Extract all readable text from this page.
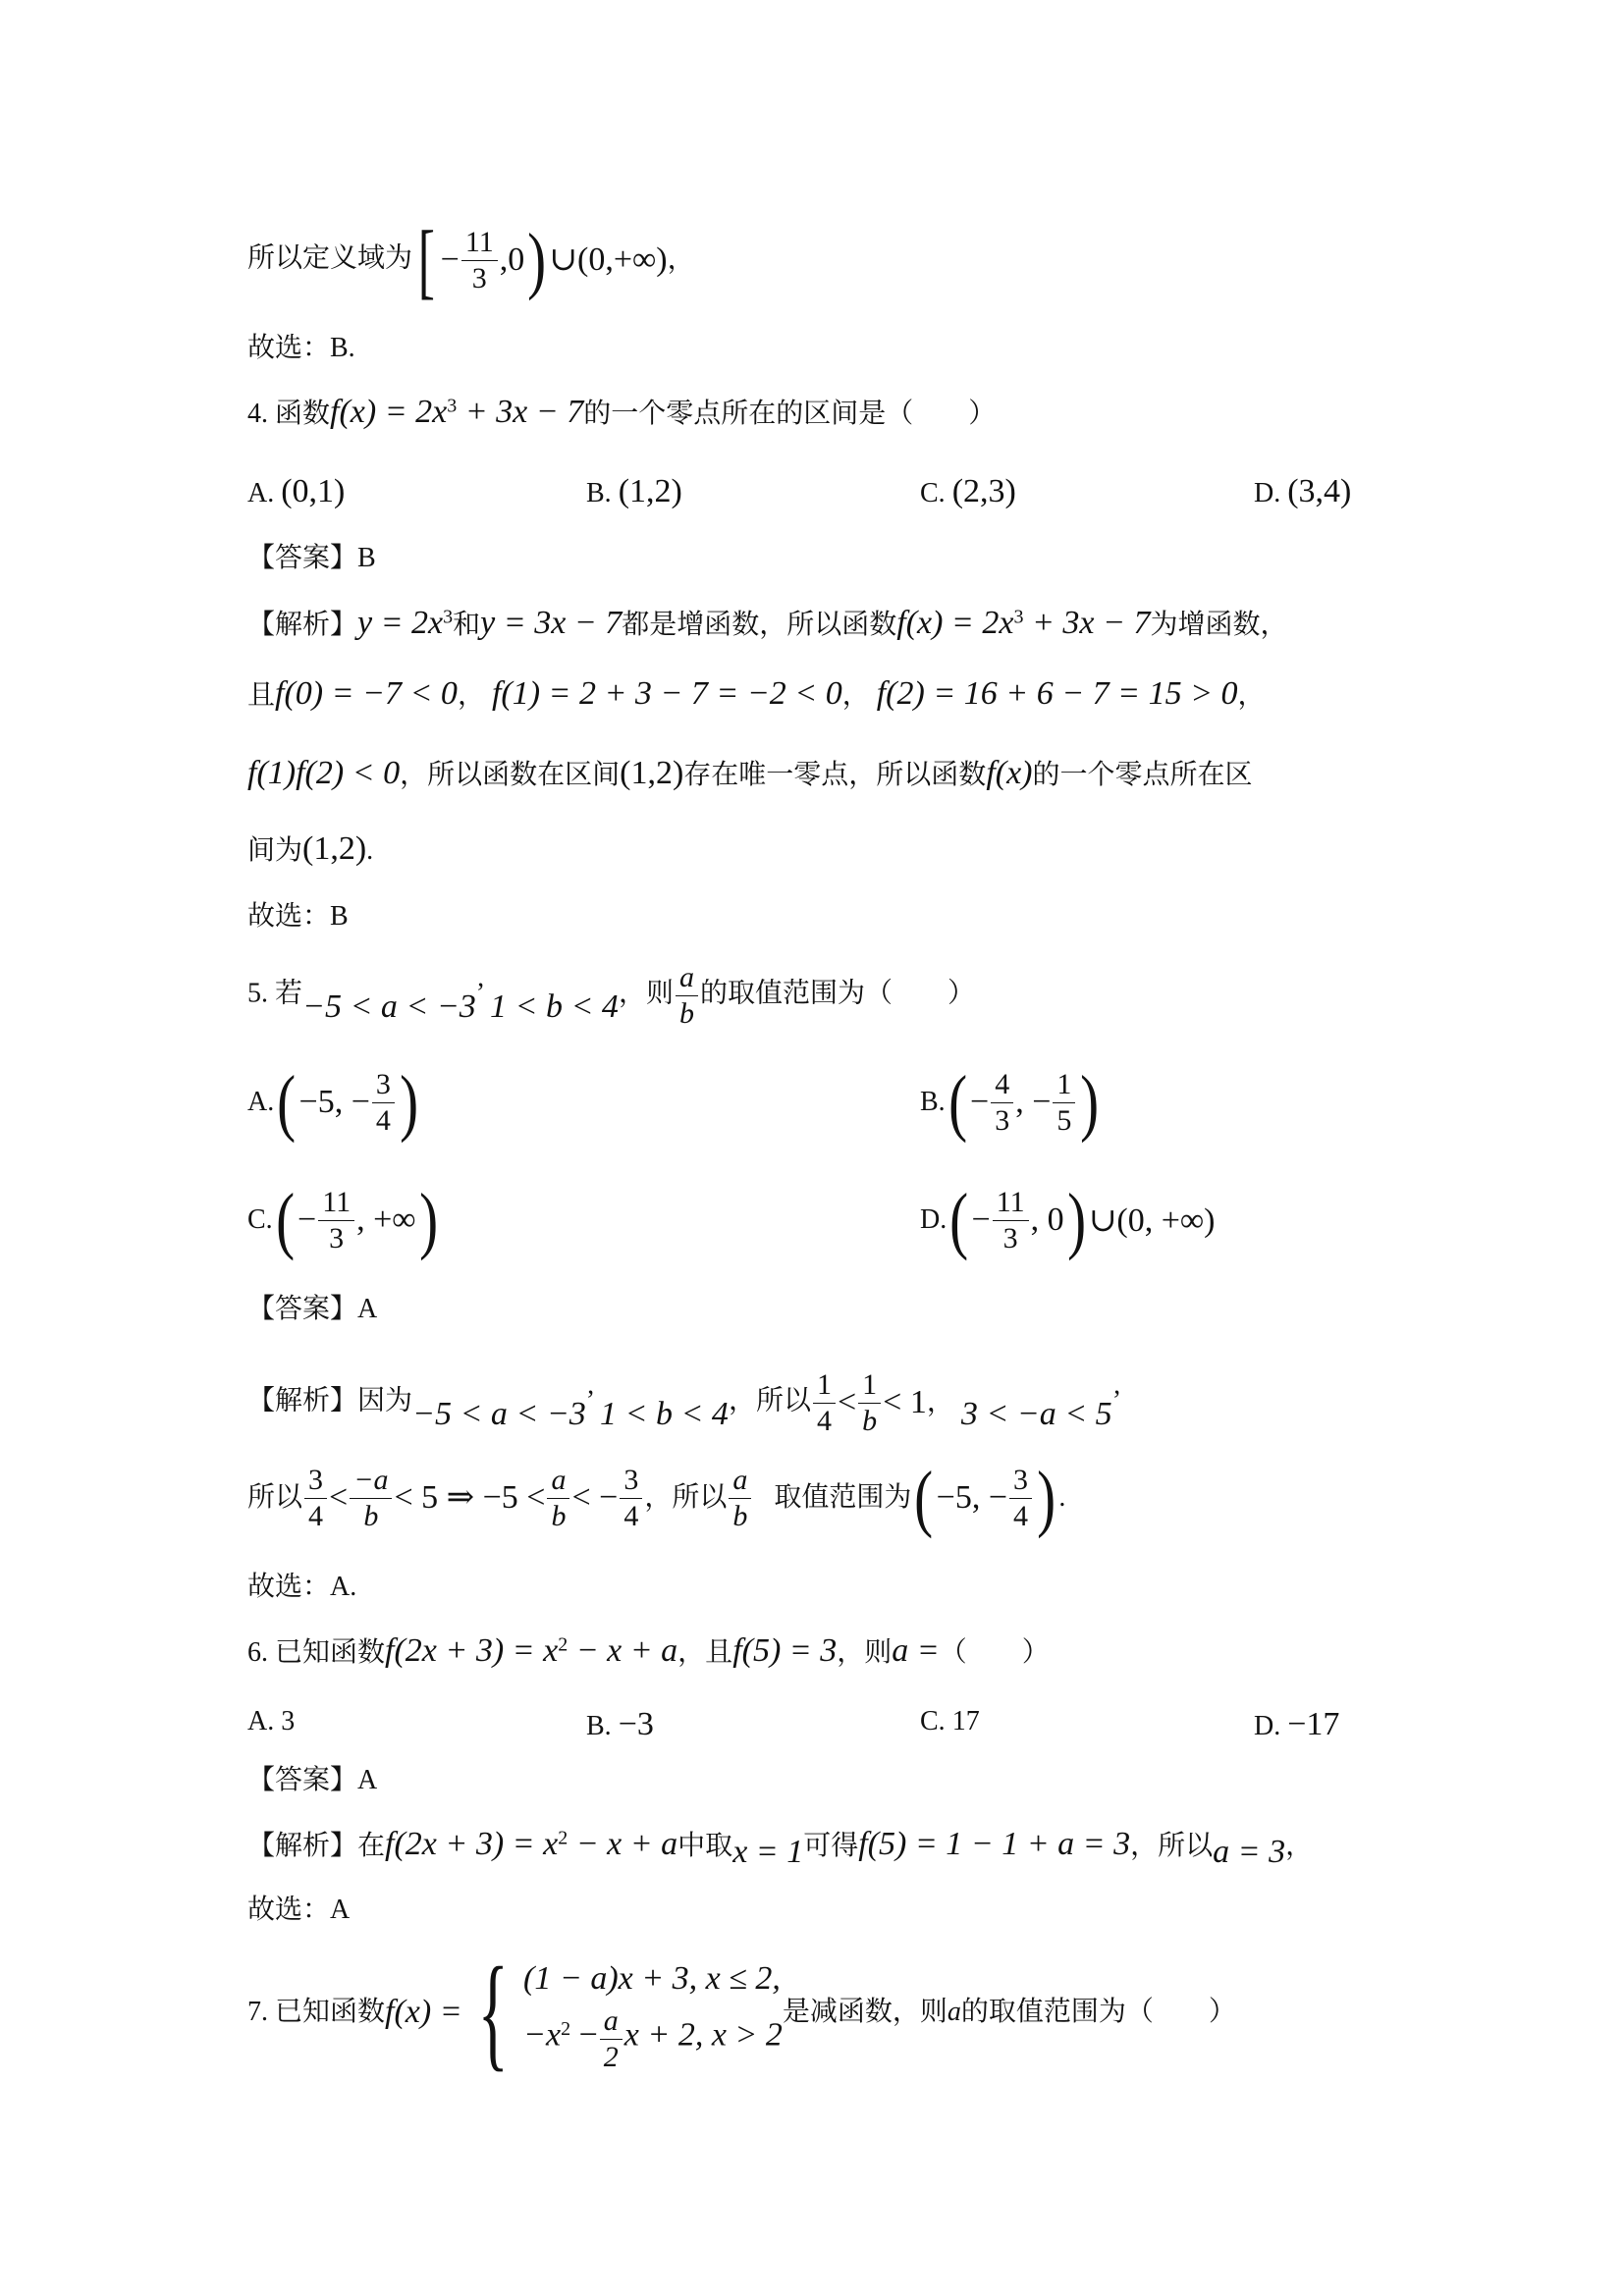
所以定义域为[ − $\frac{11}{3}$ ,0)∪(0,+∞)，
故选：B.
4. 函数$f(x) = 2x^3 + 3x - 7$的一个零点所在的区间是（　　）
A. (0,1)	B. (1,2)	C. (2,3)	D. (3,4)
【答案】B
【解析】$y = 2x^3$和y = 3x − 7都是增函数，所以函数$f(x) = 2x^3 + 3x - 7$为增函数，
且f(0) = −7 < 0， f(1) = 2 + 3 − 7 = −2 < 0， f(2) = 16 + 6 − 7 = 15 > 0，
f(1)f(2) < 0，所以函数在区间(1,2)存在唯一零点，所以函数f(x)的一个零点所在区
间为(1,2).
故选：B
5. 若−5 < a < −3’ 1 < b < 4，则 $\frac{a}{b}$ 的取值范围为（　　）
A.(−5, − $\frac{3}{4}$ )	$B.(- \frac{4}{3}$ , − $\frac{1}{5}$ )
$C.(- \frac{11}{3}$ , +∞)	$D.(- \frac{11}{3}$ , 0)∪(0, +∞)
【答案】A
【解析】因为−5 < a < −3’ 1 < b < 4，所以 $\frac{1}{4} < \frac{1}{b} < 1$， 3 < −a < 5’
所以 $\frac{3}{4} < \frac{-a}{b} < 5$ ⇒ $-5 < \frac{a}{b}$ < − $\frac{3}{4}$ ，所以 $\frac{a}{b}$ 取值范围为(−5, − $\frac{3}{4}$ ) .
故选：A.
6. 已知函数$f(2x + 3) = x^2 - x + a$，且f(5) = 3，则a =（　　）
A. 3	B. −3	C. 17	D. −17
【答案】A
【解析】在$f(2x + 3) = x^2 - x + a$中取x = 1可得f(5) = 1 − 1 + a = 3，所以a = 3，
故选：A
7. 已知函数f(x) = { (1 − a)x + 3, x ≤ 2,
$-x^2 - \frac{a}{2}$ x + 2, x > 2是减函数，则a的取值范围为（　　）
